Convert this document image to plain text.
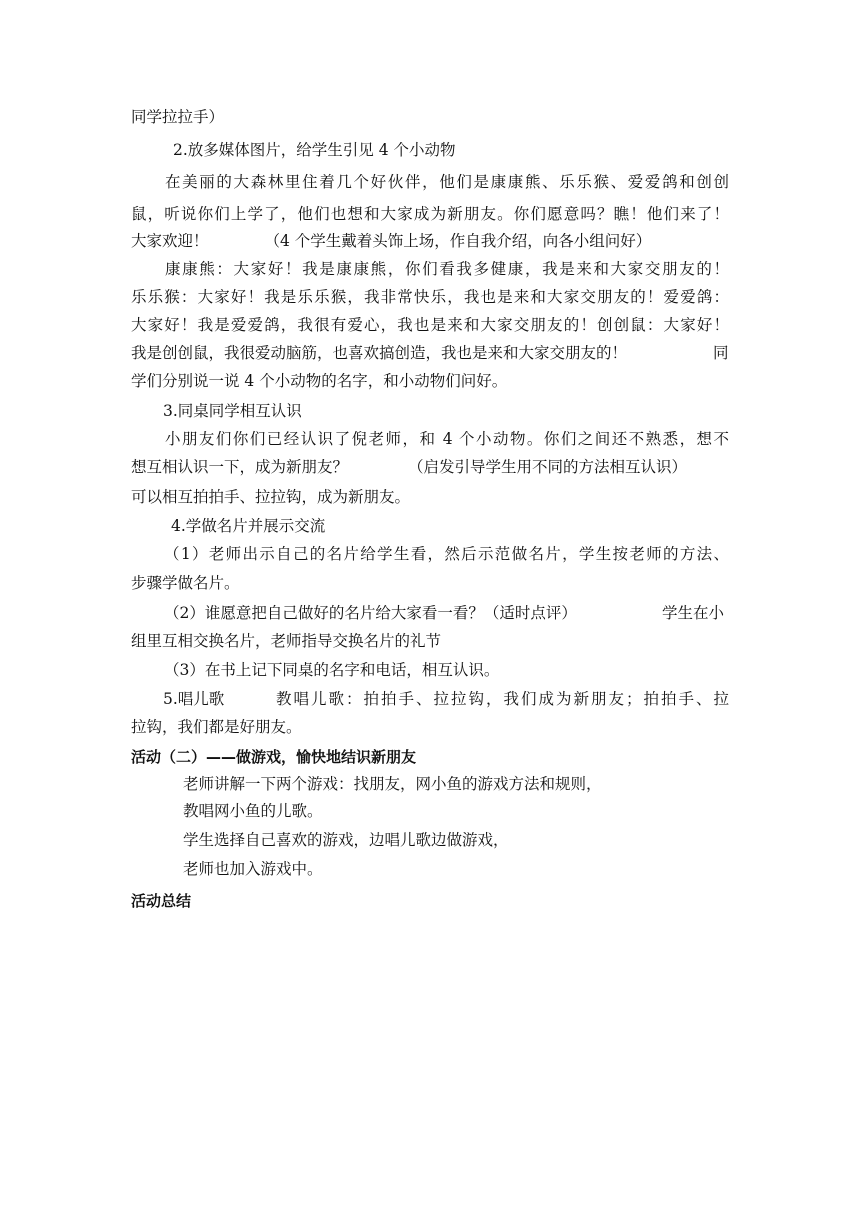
同学拉拉手）
2.放多媒体图片，给学生引见 4 个小动物
在美丽的大森林里住着几个好伙伴，他们是康康熊、乐乐猴、爱爱鸽和创创
鼠，听说你们上学了，他们也想和大家成为新朋友。你们愿意吗？瞧！他们来了！
大家欢迎！	（4 个学生戴着头饰上场，作自我介绍，向各小组问好）
康康熊：大家好！我是康康熊，你们看我多健康，我是来和大家交朋友的！
乐乐猴：大家好！我是乐乐猴，我非常快乐，我也是来和大家交朋友的！爱爱鸽：
大家好！我是爱爱鸽，我很有爱心，我也是来和大家交朋友的！创创鼠：大家好！
我是创创鼠，我很爱动脑筋，也喜欢搞创造，我也是来和大家交朋友的！	同
学们分别说一说 4 个小动物的名字，和小动物们问好。
3.同桌同学相互认识
小朋友们你们已经认识了倪老师，和 4 个小动物。你们之间还不熟悉，想不
想互相认识一下，成为新朋友？	（启发引导学生用不同的方法相互认识）
可以相互拍拍手、拉拉钩，成为新朋友。
4.学做名片并展示交流
（1）老师出示自己的名片给学生看，然后示范做名片，学生按老师的方法、
步骤学做名片。
（2）谁愿意把自己做好的名片给大家看一看？（适时点评）	学生在小
组里互相交换名片，老师指导交换名片的礼节
（3）在书上记下同桌的名字和电话，相互认识。
5.唱儿歌	教唱儿歌：拍拍手、拉拉钩，我们成为新朋友；拍拍手、拉
拉钩，我们都是好朋友。
活动（二）——做游戏，愉快地结识新朋友
老师讲解一下两个游戏：找朋友，网小鱼的游戏方法和规则，
教唱网小鱼的儿歌。
学生选择自己喜欢的游戏，边唱儿歌边做游戏，
老师也加入游戏中。
活动总结
